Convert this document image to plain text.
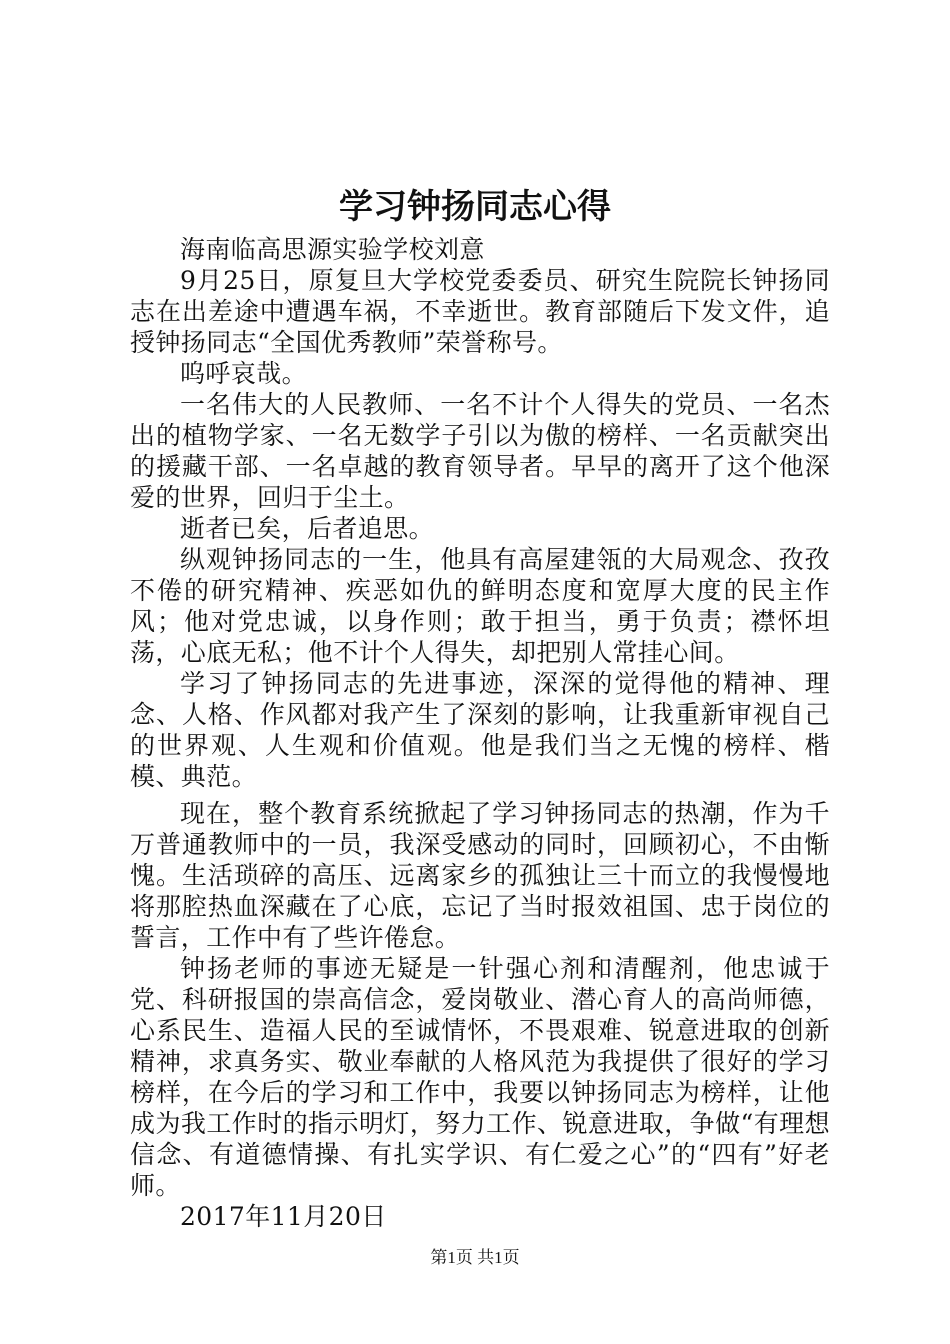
学习钟扬同志心得

海南临高思源实验学校刘意

9月25日，原复旦大学校党委委员、研究生院院长钟扬同志在出差途中遭遇车祸，不幸逝世。教育部随后下发文件，追授钟扬同志“全国优秀教师”荣誉称号。

呜呼哀哉。

一名伟大的人民教师、一名不计个人得失的党员、一名杰出的植物学家、一名无数学子引以为傲的榜样、一名贡献突出的援藏干部、一名卓越的教育领导者。早早的离开了这个他深爱的世界，回归于尘土。

逝者已矣，后者追思。

纵观钟扬同志的一生，他具有高屋建瓴的大局观念、孜孜不倦的研究精神、疾恶如仇的鲜明态度和宽厚大度的民主作风；他对党忠诚，以身作则；敢于担当，勇于负责；襟怀坦荡，心底无私；他不计个人得失，却把别人常挂心间。

学习了钟扬同志的先进事迹，深深的觉得他的精神、理念、人格、作风都对我产生了深刻的影响，让我重新审视自己的世界观、人生观和价值观。他是我们当之无愧的榜样、楷模、典范。

现在，整个教育系统掀起了学习钟扬同志的热潮，作为千万普通教师中的一员，我深受感动的同时，回顾初心，不由惭愧。生活琐碎的高压、远离家乡的孤独让三十而立的我慢慢地将那腔热血深藏在了心底，忘记了当时报效祖国、忠于岗位的誓言，工作中有了些许倦怠。

钟扬老师的事迹无疑是一针强心剂和清醒剂，他忠诚于党、科研报国的崇高信念，爱岗敬业、潜心育人的高尚师德，心系民生、造福人民的至诚情怀，不畏艰难、锐意进取的创新精神，求真务实、敬业奉献的人格风范为我提供了很好的学习榜样，在今后的学习和工作中，我要以钟扬同志为榜样，让他成为我工作时的指示明灯，努力工作、锐意进取，争做“有理想信念、有道德情操、有扎实学识、有仁爱之心”的“四有”好老师。

2017年11月20日

第1页 共1页
